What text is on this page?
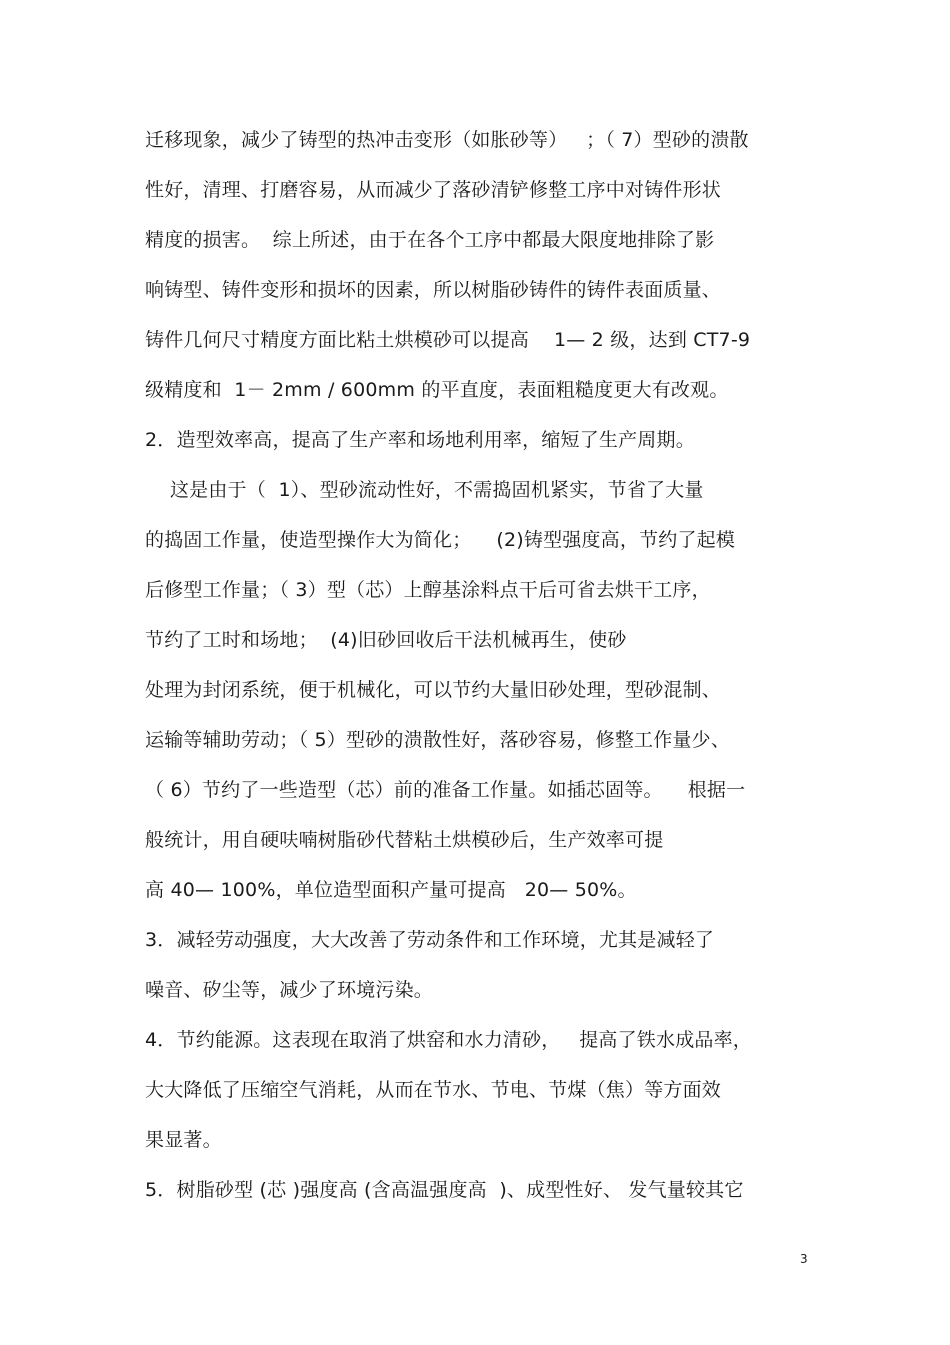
迁移现象，减少了铸型的热冲击变形（如胀砂等）   ；（ 7）型砂的溃散
性好，清理、打磨容易，从而减少了落砂清铲修整工序中对铸件形状
精度的损害。  综上所述，由于在各个工序中都最大限度地排除了影
响铸型、铸件变形和损坏的因素，所以树脂砂铸件的铸件表面质量、
铸件几何尺寸精度方面比粘土烘模砂可以提高    1— 2 级，达到 CT7-9
级精度和  1－ 2mm / 600mm 的平直度，表面粗糙度更大有改观。
2．造型效率高，提高了生产率和场地利用率，缩短了生产周期。
这是由于（  1）、型砂流动性好，不需捣固机紧实，节省了大量
的捣固工作量，使造型操作大为简化；    (2)铸型强度高，节约了起模
后修型工作量；（ 3）型（芯）上醇基涂料点干后可省去烘干工序，
节约了工时和场地；  (4)旧砂回收后干法机械再生，使砂
处理为封闭系统，便于机械化，可以节约大量旧砂处理，型砂混制、
运输等辅助劳动；（ 5）型砂的溃散性好，落砂容易，修整工作量少、
（ 6）节约了一些造型（芯）前的准备工作量。如插芯固等。    根据一
般统计，用自硬呋喃树脂砂代替粘土烘模砂后，生产效率可提
高 40— 100%，单位造型面积产量可提高   20— 50%。
3．减轻劳动强度，大大改善了劳动条件和工作环境，尤其是减轻了
噪音、矽尘等，减少了环境污染。
4．节约能源。这表现在取消了烘窑和水力清砂，   提高了铁水成品率，
大大降低了压缩空气消耗，从而在节水、节电、节煤（焦）等方面效
果显著。
5．树脂砂型 (芯 )强度高 (含高温强度高  )、成型性好、 发气量较其它
3
